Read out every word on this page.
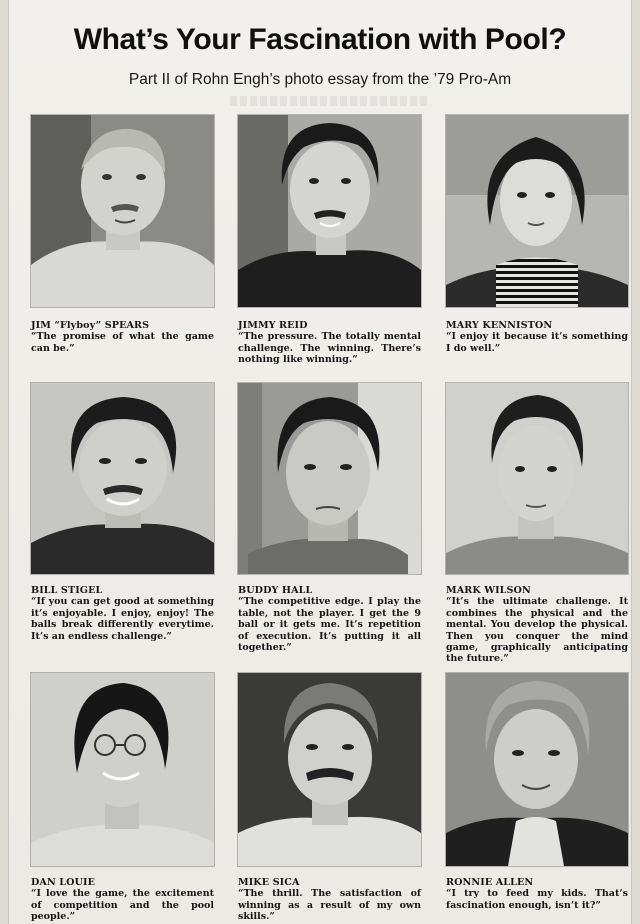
What’s Your Fascination with Pool?
Part II of Rohn Engh’s photo essay from the ’79 Pro-Am
JIM “Flyboy” SPEARS
“The promise of what the game can be.”
JIMMY REID
“The pressure. The totally mental challenge. The winning. There’s nothing like winning.”
MARY KENNISTON
“I enjoy it because it’s something I do well.”
BILL STIGEL
“If you can get good at something it’s enjoyable. I enjoy, enjoy! The balls break differently everytime. It’s an endless challenge.”
BUDDY HALL
“The competitive edge. I play the table, not the player. I get the 9 ball or it gets me. It’s repetition of execution. It’s putting it all together.”
MARK WILSON
“It’s the ultimate challenge. It combines the physical and the mental. You develop the physical. Then you conquer the mind game, graphically anticipating the future.”
DAN LOUIE
“I love the game, the excitement of competition and the pool people.”
MIKE SICA
“The thrill. The satisfaction of winning as a result of my own skills.”
RONNIE ALLEN
“I try to feed my kids. That’s fascination enough, isn’t it?”
